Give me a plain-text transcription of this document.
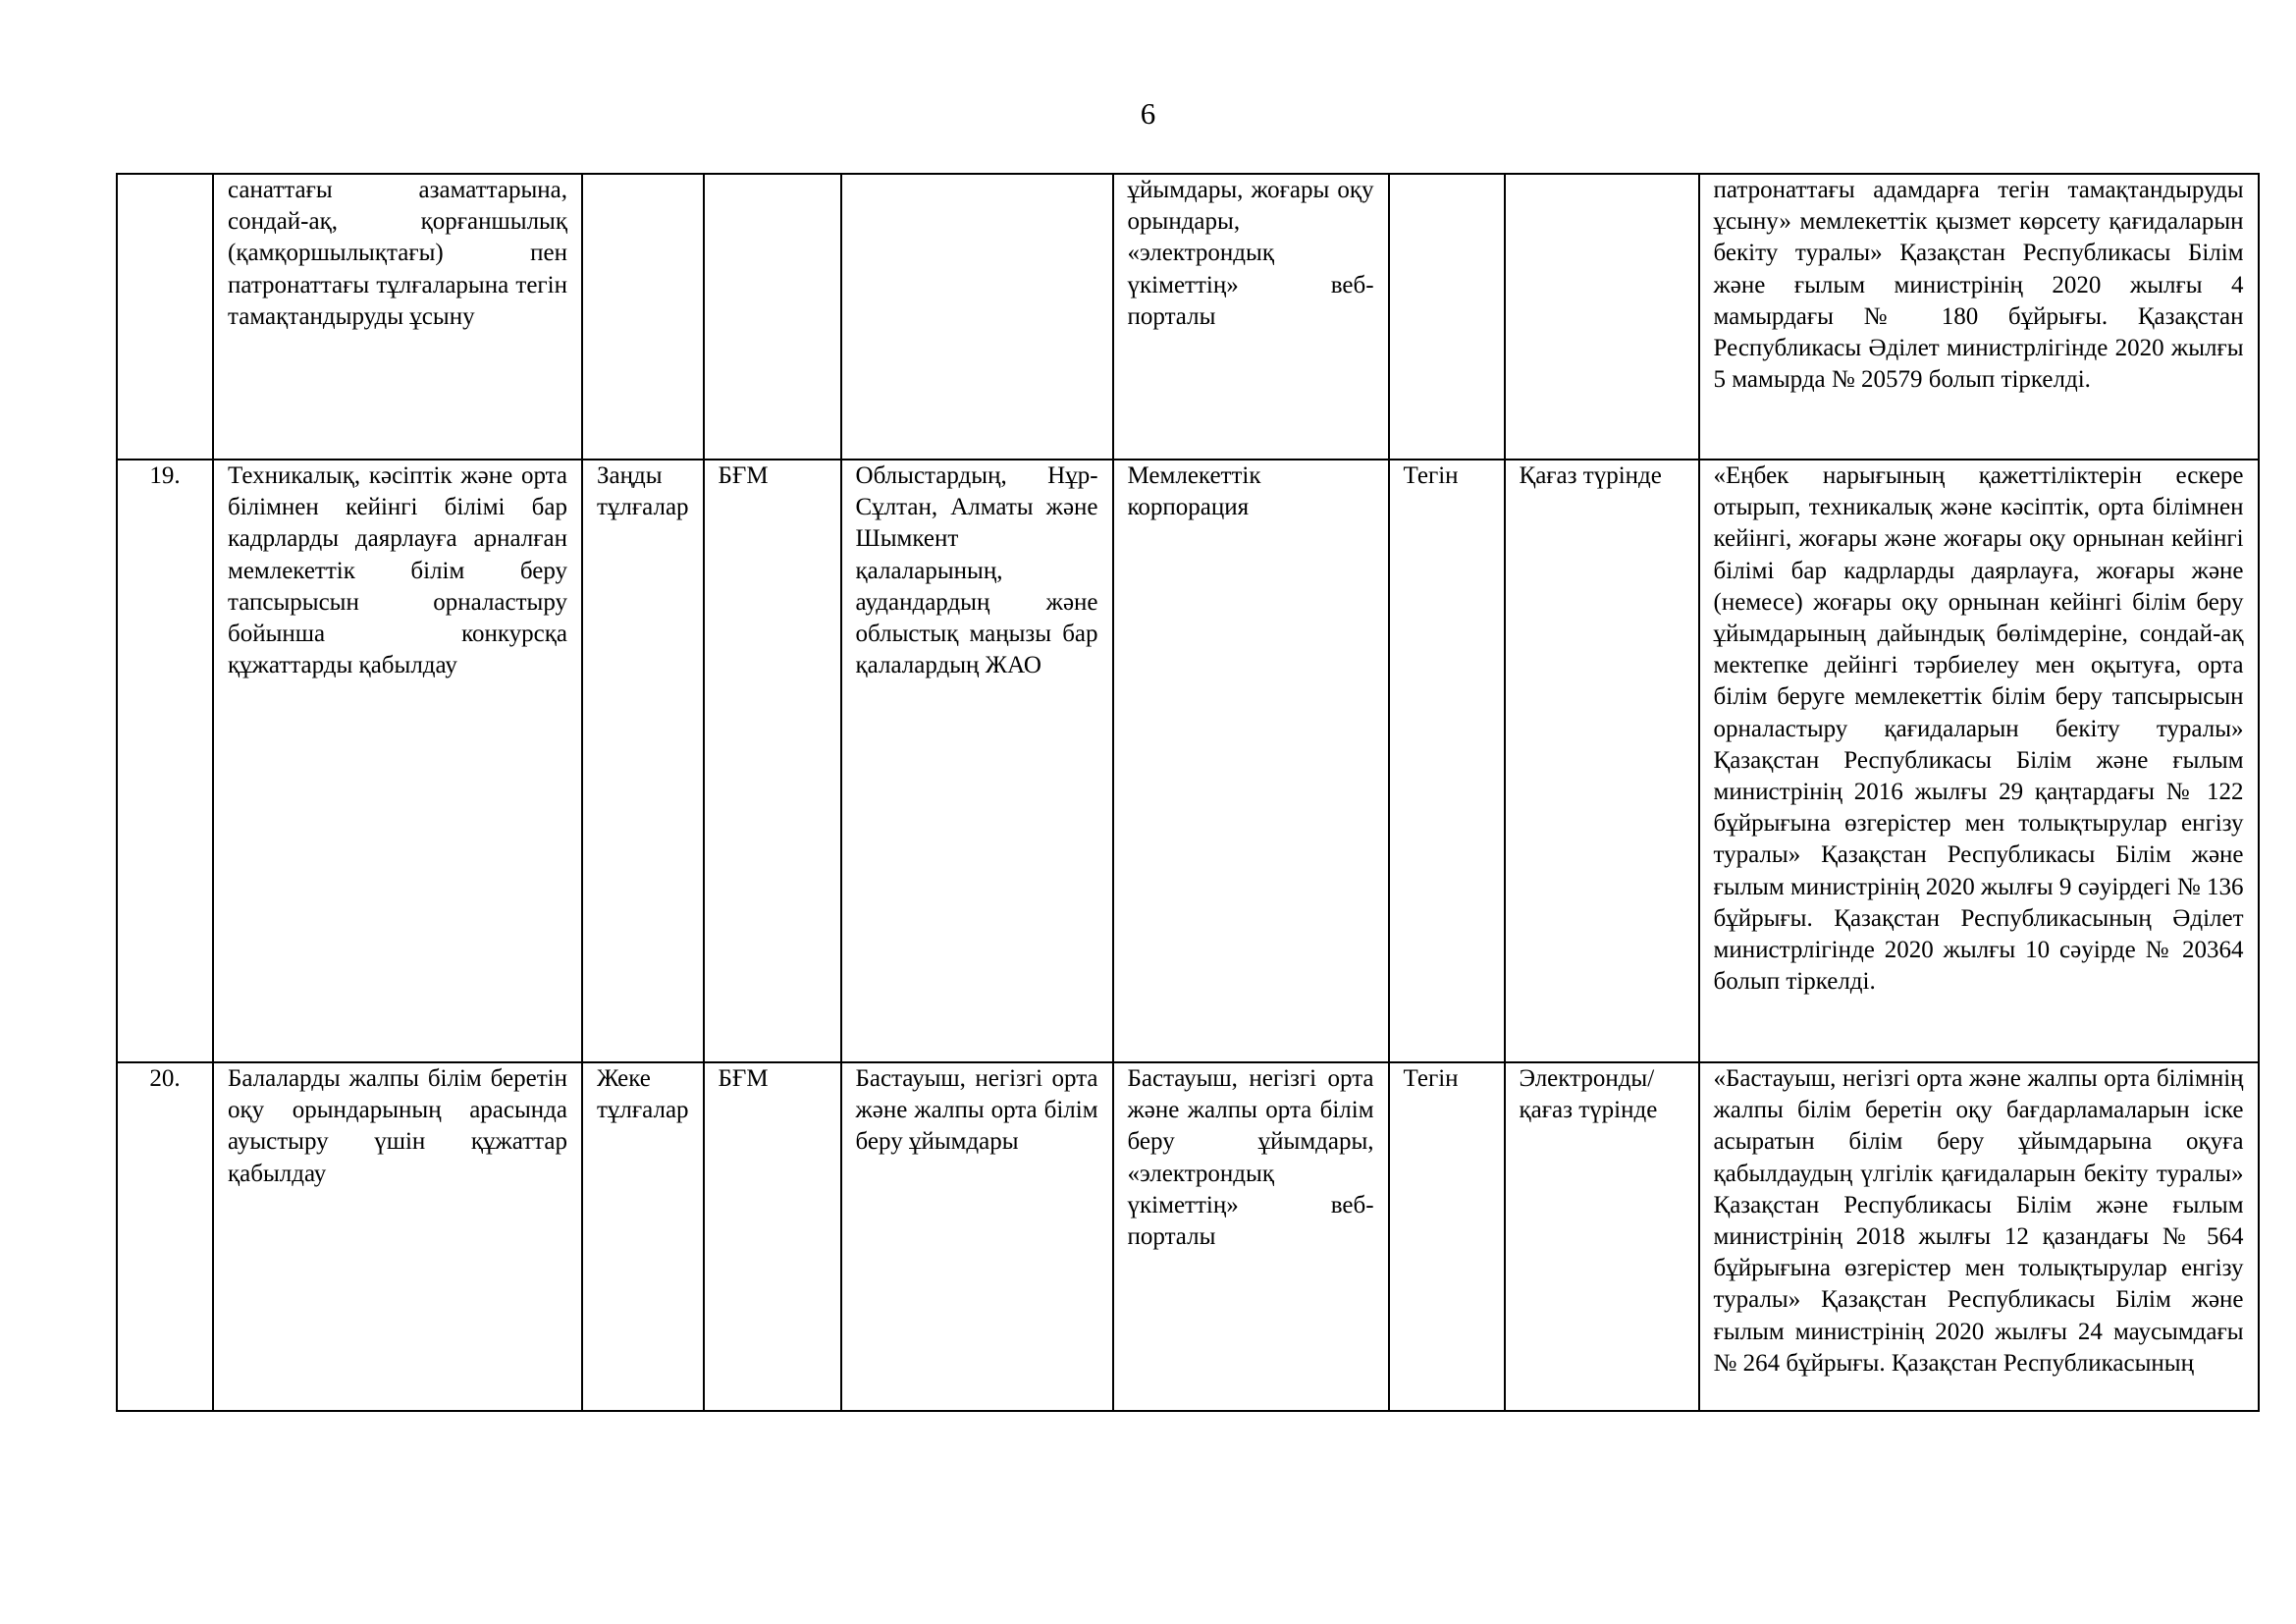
6
	санаттағы азаматтарына, сондай-ақ, қорғаншылық (қамқоршылықтағы) пен патронаттағы тұлғаларына тегін тамақтандыруды ұсыну				ұйымдары, жоғары оқу орындары, «электрондық үкіметтің» веб-порталы			патронаттағы адамдарға тегін тамақтандыруды ұсыну» мемлекеттік қызмет көрсету қағидаларын бекіту туралы» Қазақстан Республикасы Білім және ғылым министрінің 2020 жылғы 4 мамырдағы № 180 бұйрығы. Қазақстан Республикасы Әділет министрлігінде 2020 жылғы 5 мамырда № 20579 болып тіркелді.
19.	Техникалық, кәсіптік және орта білімнен кейінгі білімі бар кадрларды даярлауға арналған мемлекеттік білім беру тапсырысын орналастыру бойынша конкурсқа құжаттарды қабылдау	Заңды тұлғалар	БҒМ	Облыстардың, Нұр-Сұлтан, Алматы және Шымкент қалаларының, аудандардың және облыстық маңызы бар қалалардың ЖАО	Мемлекеттік корпорация	Тегін	Қағаз түрінде	«Еңбек нарығының қажеттіліктерін ескере отырып, техникалық және кәсіптік, орта білімнен кейінгі, жоғары және жоғары оқу орнынан кейінгі білімі бар кадрларды даярлауға, жоғары және (немесе) жоғары оқу орнынан кейінгі білім беру ұйымдарының дайындық бөлімдеріне, сондай-ақ мектепке дейінгі тәрбиелеу мен оқытуға, орта білім беруге мемлекеттік білім беру тапсырысын орналастыру қағидаларын бекіту туралы» Қазақстан Республикасы Білім және ғылым министрінің 2016 жылғы 29 қаңтардағы № 122 бұйрығына өзгерістер мен толықтырулар енгізу туралы» Қазақстан Республикасы Білім және ғылым министрінің 2020 жылғы 9 сәуірдегі № 136 бұйрығы. Қазақстан Республикасының Әділет министрлігінде 2020 жылғы 10 сәуірде № 20364 болып тіркелді.
20.	Балаларды жалпы білім беретін оқу орындарының арасында ауыстыру үшін құжаттар қабылдау	Жеке тұлғалар	БҒМ	Бастауыш, негізгі орта және жалпы орта білім беру ұйымдары	Бастауыш, негізгі орта және жалпы орта білім беру ұйымдары, «электрондық үкіметтің» веб-порталы	Тегін	Электронды/ қағаз түрінде	«Бастауыш, негізгі орта және жалпы орта білімнің жалпы білім беретін оқу бағдарламаларын іске асыратын білім беру ұйымдарына оқуға қабылдаудың үлгілік қағидаларын бекіту туралы» Қазақстан Республикасы Білім және ғылым министрінің 2018 жылғы 12 қазандағы № 564 бұйрығына өзгерістер мен толықтырулар енгізу туралы» Қазақстан Республикасы Білім және ғылым министрінің 2020 жылғы 24 маусымдағы № 264 бұйрығы. Қазақстан Республикасының
